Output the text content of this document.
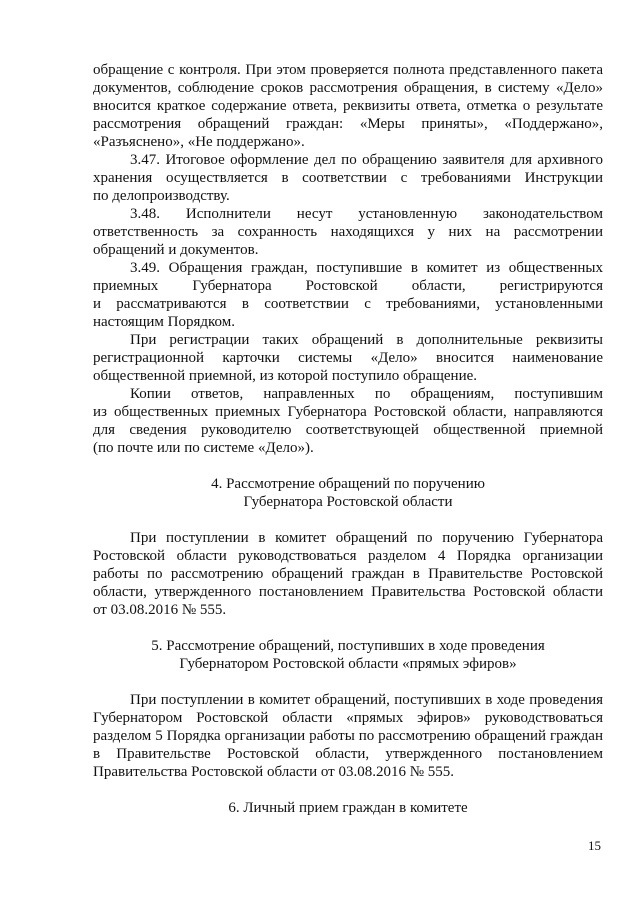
обращение с контроля. При этом проверяется полнота представленного пакета
документов, соблюдение сроков рассмотрения обращения, в систему «Дело»
вносится краткое содержание ответа, реквизиты ответа, отметка о результате
рассмотрения обращений граждан: «Меры приняты», «Поддержано»,
«Разъяснено», «Не поддержано».
3.47. Итоговое оформление дел по обращению заявителя для архивного
хранения осуществляется в соответствии с требованиями Инструкции
по делопроизводству.
3.48. Исполнители несут установленную законодательством
ответственность за сохранность находящихся у них на рассмотрении
обращений и документов.
3.49. Обращения граждан, поступившие в комитет из общественных
приемных Губернатора Ростовской области, регистрируются
и рассматриваются в соответствии с требованиями, установленными
настоящим Порядком.
При регистрации таких обращений в дополнительные реквизиты
регистрационной карточки системы «Дело» вносится наименование
общественной приемной, из которой поступило обращение.
Копии ответов, направленных по обращениям, поступившим
из общественных приемных Губернатора Ростовской области, направляются
для сведения руководителю соответствующей общественной приемной
(по почте или по системе «Дело»).
4. Рассмотрение обращений по поручению
Губернатора Ростовской области
При поступлении в комитет обращений по поручению Губернатора
Ростовской области руководствоваться разделом 4 Порядка организации
работы по рассмотрению обращений граждан в Правительстве Ростовской
области, утвержденного постановлением Правительства Ростовской области
от 03.08.2016 № 555.
5. Рассмотрение обращений, поступивших в ходе проведения
Губернатором Ростовской области «прямых эфиров»
При поступлении в комитет обращений, поступивших в ходе проведения
Губернатором Ростовской области «прямых эфиров» руководствоваться
разделом 5 Порядка организации работы по рассмотрению обращений граждан
в Правительстве Ростовской области, утвержденного постановлением
Правительства Ростовской области от 03.08.2016 № 555.
6. Личный прием граждан в комитете
15
